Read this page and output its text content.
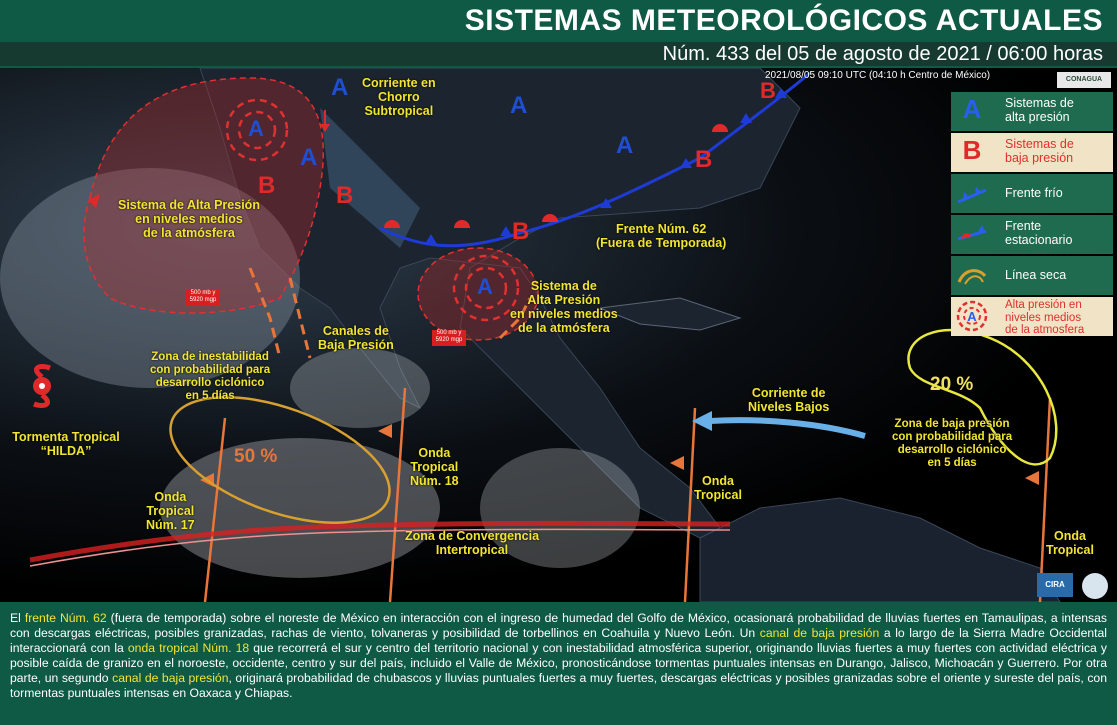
SISTEMAS METEOROLÓGICOS ACTUALES
Núm. 433 del 05 de agosto de 2021 / 06:00 horas
2021/08/05 09:10 UTC (04:10 h Centro de México)	CONAGUA
A
A
A
A
A
A
B	B
B
B
B
Corriente en
Chorro
Subtropical
Sistema de Alta Presión
en niveles medios
de la atmósfera
Sistema de
Alta Presión
en niveles medios
de la atmósfera
Frente Núm. 62
(Fuera de Temporada)
Canales de
Baja Presión
Zona de inestabilidad
con probabilidad para
desarrollo ciclónico
en 5 días
50 %
20 %
Tormenta Tropical
“HILDA”
Onda
Tropical
Núm. 17
Onda
Tropical
Núm. 18	Onda
Tropical
Onda
Tropical
Zona de Convergencia
Intertropical
Corriente de
Niveles Bajos
Zona de baja presión
con probabilidad para
desarrollo ciclónico
en 5 días
500 mb y
5920 mgp
500 mb y
5920 mgp
A	Sistemas de
alta presión
B	Sistemas de
baja presión
Frente frío
Frente
estacionario
Línea seca
A
Alta presión en
niveles medios
de la atmosfera
CIRA
El frente Núm. 62 (fuera de temporada) sobre el noreste de México en interacción con el ingreso de humedad del Golfo de México, ocasionará probabilidad de lluvias fuertes en Tamaulipas, a intensas con descargas eléctricas, posibles granizadas, rachas de viento, tolvaneras y posibilidad de torbellinos en Coahuila y Nuevo León. Un canal de baja presión a lo largo de la Sierra Madre Occidental interaccionará con la onda tropical Núm. 18 que recorrerá el sur y centro del territorio nacional y con inestabilidad atmosférica superior, originando lluvias fuertes a muy fuertes con actividad eléctrica y posible caída de granizo en el noroeste, occidente, centro y sur del país, incluido el Valle de México, pronosticándose tormentas puntuales intensas en Durango, Jalisco, Michoacán y Guerrero. Por otra parte, un segundo canal de baja presión, originará probabilidad de chubascos y lluvias puntuales fuertes a muy fuertes, descargas eléctricas y posibles granizadas sobre el oriente y sureste del país, con tormentas puntuales intensas en Oaxaca y Chiapas.
